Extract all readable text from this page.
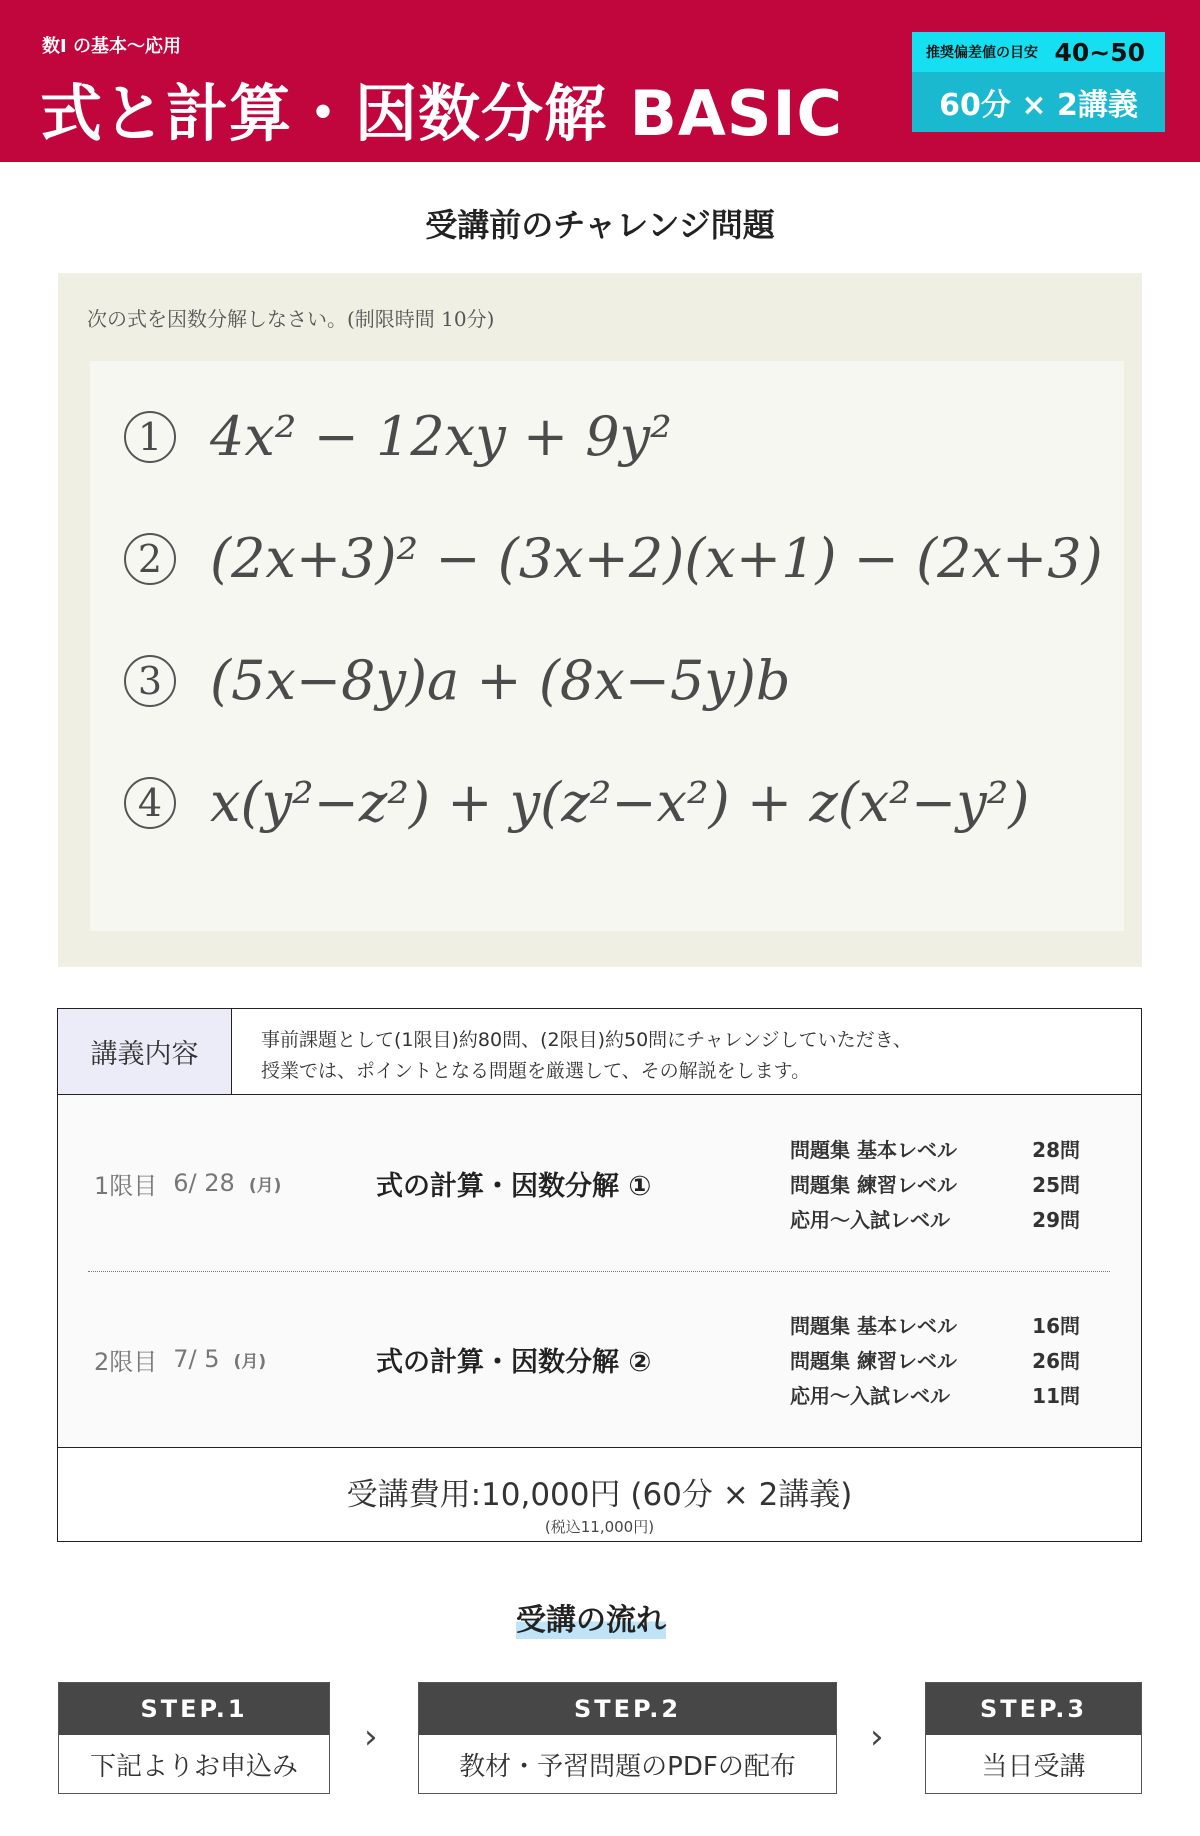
数I の基本〜応用
式と計算・因数分解 BASIC
推奨偏差値の目安 40~50
60分 × 2講義
受講前のチャレンジ問題
次の式を因数分解しなさい。(制限時間 10分)
1 4x² − 12xy + 9y²
2 (2x+3)² − (3x+2)(x+1) − (2x+3)
3 (5x−8y)a + (8x−5y)b
4 x(y²−z²) + y(z²−x²) + z(x²−y²)
講義内容	事前課題として(1限目)約80問、(2限目)約50問にチャレンジしていただき、
授業では、ポイントとなる問題を厳選して、その解説をします。
1限目 6/ 28 (月)	式の計算・因数分解 ①
問題集 基本レベル	28問
問題集 練習レベル	25問
応用〜入試レベル	29問
2限目 7/ 5 (月)	式の計算・因数分解 ②
問題集 基本レベル	16問
問題集 練習レベル	26問
応用〜入試レベル	11問
受講費用:10,000円 (60分 × 2講義)
(税込11,000円)
受講の流れ
STEP.1
下記よりお申込み
›
STEP.2
教材・予習問題のPDFの配布
›
STEP.3
当日受講
